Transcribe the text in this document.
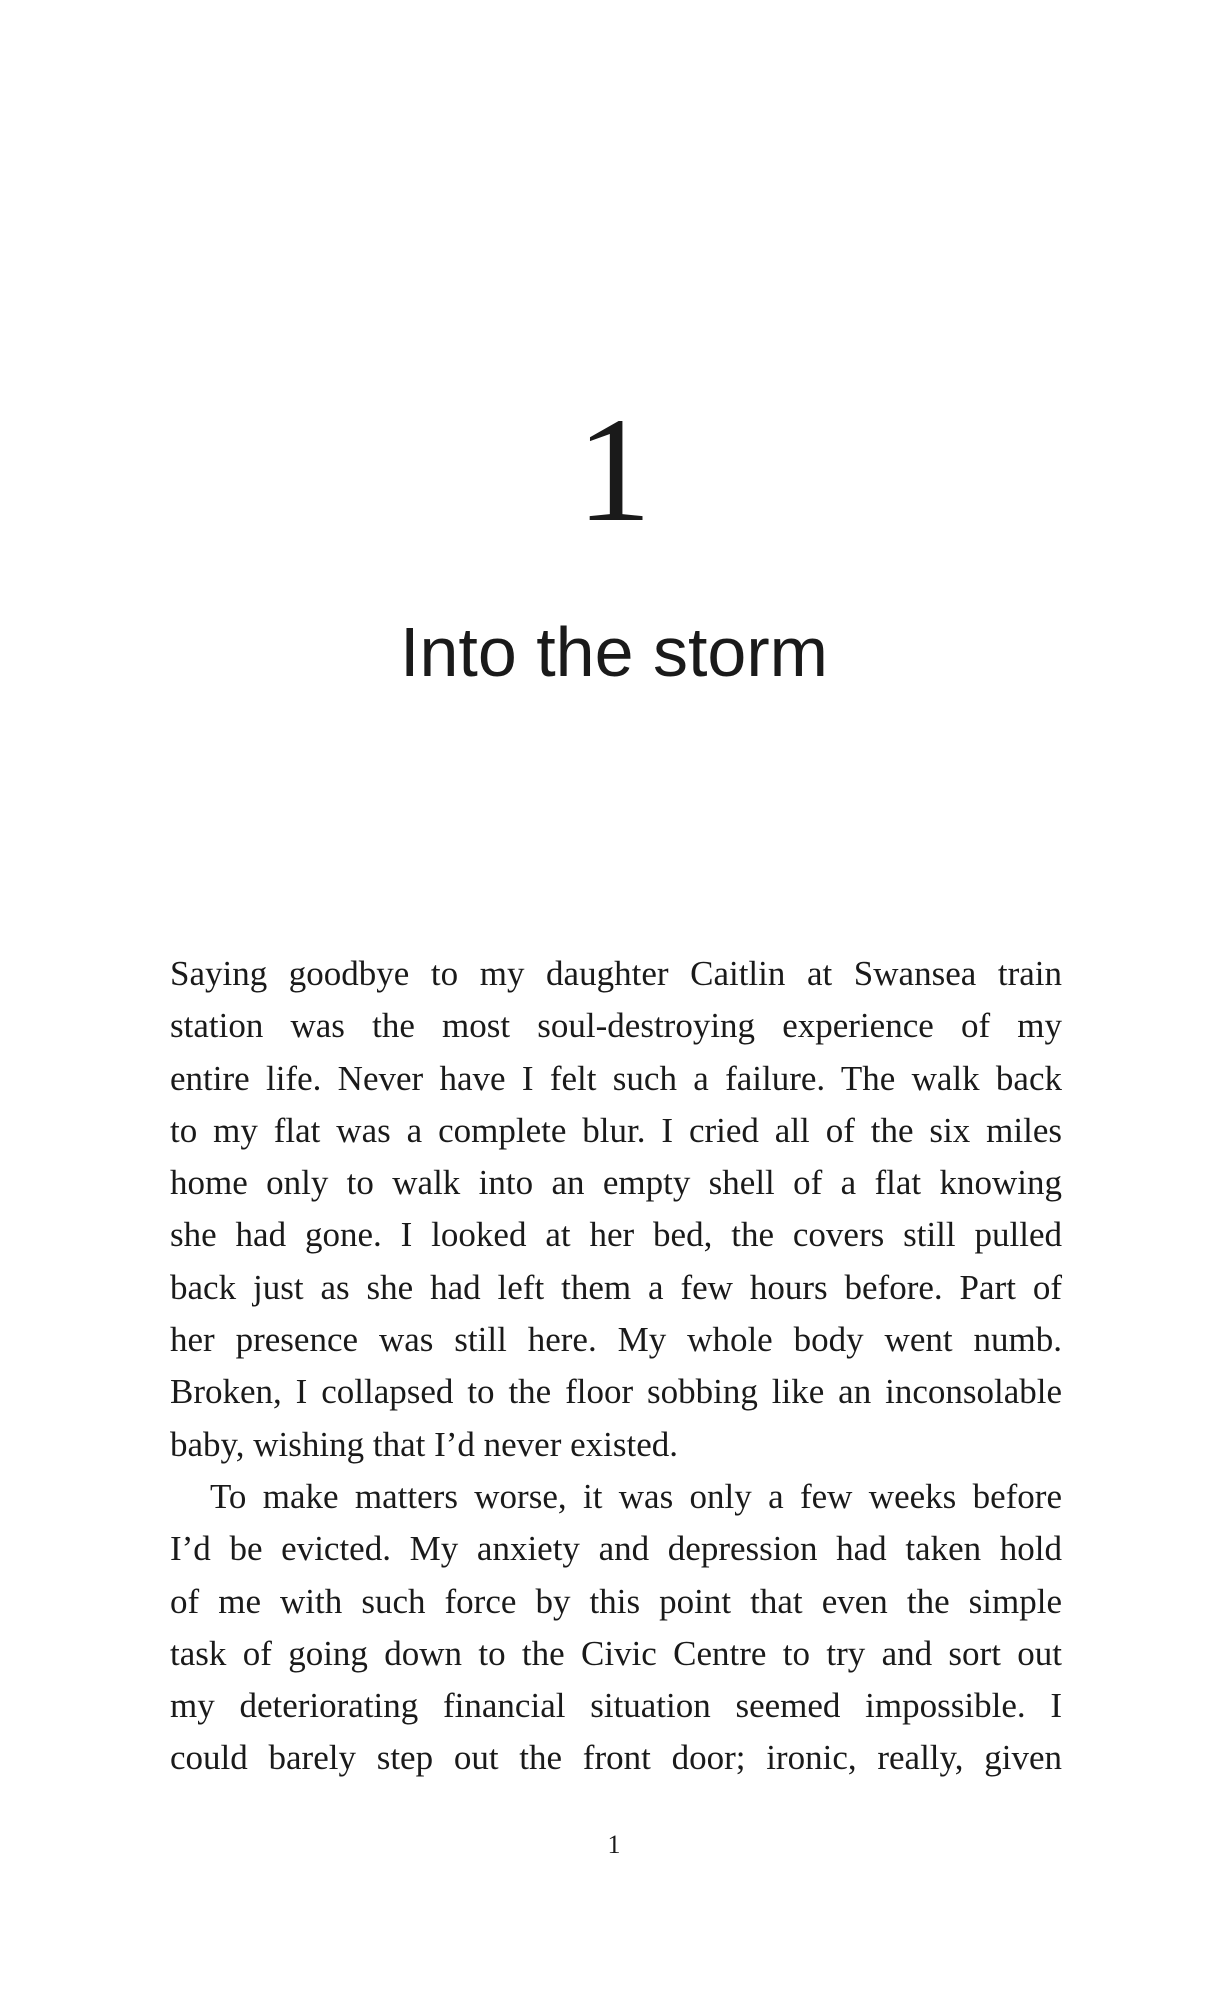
1
Into the storm
Saying goodbye to my daughter Caitlin at Swansea train
station was the most soul-destroying experience of my
entire life. Never have I felt such a failure. The walk back
to my flat was a complete blur. I cried all of the six miles
home only to walk into an empty shell of a flat knowing
she had gone. I looked at her bed, the covers still pulled
back just as she had left them a few hours before. Part of
her presence was still here. My whole body went numb.
Broken, I collapsed to the floor sobbing like an inconsolable
baby, wishing that I’d never existed.
To make matters worse, it was only a few weeks before
I’d be evicted. My anxiety and depression had taken hold
of me with such force by this point that even the simple
task of going down to the Civic Centre to try and sort out
my deteriorating financial situation seemed impossible. I
could barely step out the front door; ironic, really, given
1
